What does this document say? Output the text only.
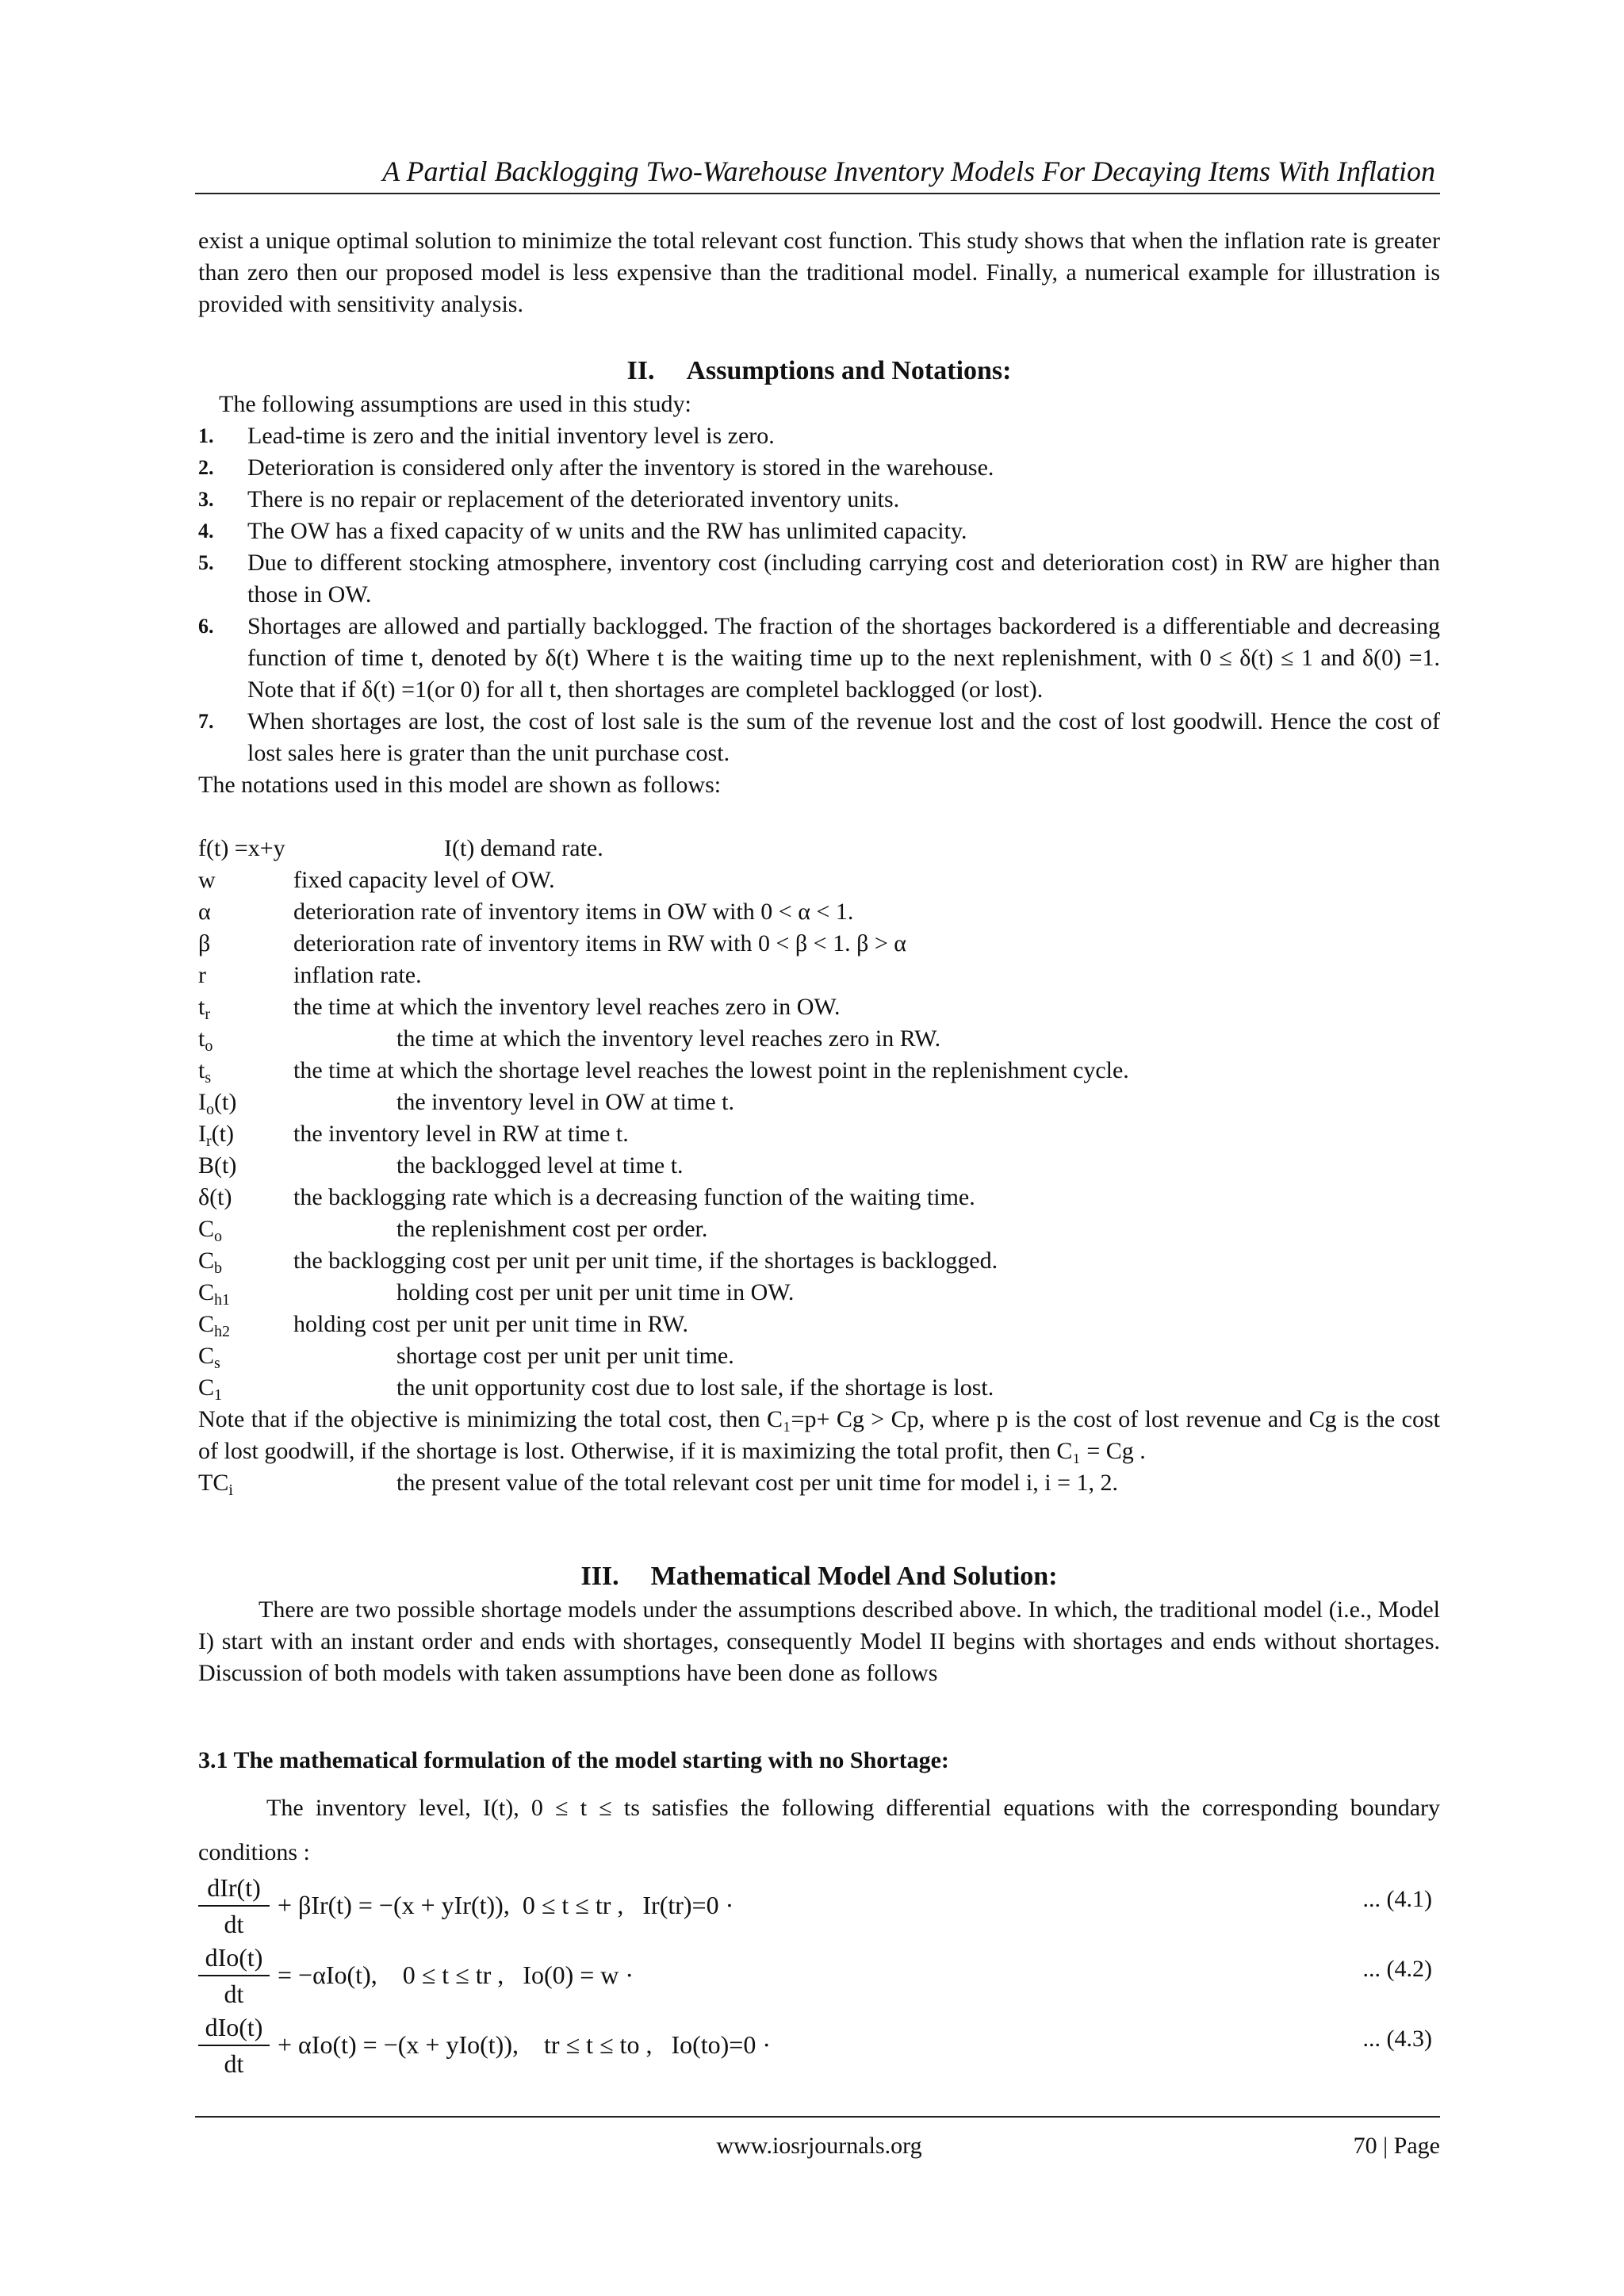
A Partial Backlogging Two-Warehouse Inventory Models For Decaying Items With Inflation

exist a unique optimal solution to minimize the total relevant cost function. This study shows that when the inflation rate is greater than zero then our proposed model is less expensive than the traditional model. Finally, a numerical example for illustration is provided with sensitivity analysis.

II. Assumptions and Notations:

The following assumptions are used in this study:

1. Lead-time is zero and the initial inventory level is zero.
2. Deterioration is considered only after the inventory is stored in the warehouse.
3. There is no repair or replacement of the deteriorated inventory units.
4. The OW has a fixed capacity of w units and the RW has unlimited capacity.
5. Due to different stocking atmosphere, inventory cost (including carrying cost and deterioration cost) in RW are higher than those in OW.
6. Shortages are allowed and partially backlogged. The fraction of the shortages backordered is a differentiable and decreasing function of time t, denoted by δ(t) Where t is the waiting time up to the next replenishment, with 0 ≤ δ(t) ≤ 1 and δ(0) =1. Note that if δ(t) =1(or 0) for all t, then shortages are completel backlogged (or lost).
7. When shortages are lost, the cost of lost sale is the sum of the revenue lost and the cost of lost goodwill. Hence the cost of lost sales here is grater than the unit purchase cost.

The notations used in this model are shown as follows:

f(t) =x+y	I(t) demand rate.
w	fixed capacity level of OW.
α	deterioration rate of inventory items in OW with 0 < α < 1.
β	deterioration rate of inventory items in RW with 0 < β < 1. β > α
r	inflation rate.
$t_r$	the time at which the inventory level reaches zero in OW.
$t_o$	the time at which the inventory level reaches zero in RW.
$t_s$	the time at which the shortage level reaches the lowest point in the replenishment cycle.
$I_o(t)$	the inventory level in OW at time t.
$I_r(t)$	the inventory level in RW at time t.
B(t)	the backlogged level at time t.
δ(t)	the backlogging rate which is a decreasing function of the waiting time.
$C_o$	the replenishment cost per order.
$C_b$	the backlogging cost per unit per unit time, if the shortages is backlogged.
$C_{h1}$	holding cost per unit per unit time in OW.
$C_{h2}$	holding cost per unit per unit time in RW.
$C_s$	shortage cost per unit per unit time.
$C_1$	the unit opportunity cost due to lost sale, if the shortage is lost.

Note that if the objective is minimizing the total cost, then C₁=p+ Cg > Cp, where p is the cost of lost revenue and Cg is the cost of lost goodwill, if the shortage is lost. Otherwise, if it is maximizing the total profit, then C₁ = Cg .

$TC_i$	the present value of the total relevant cost per unit time for model i, i = 1, 2.
III. Mathematical Model And Solution:

There are two possible shortage models under the assumptions described above. In which, the traditional model (i.e., Model I) start with an instant order and ends with shortages, consequently Model II begins with shortages and ends without shortages. Discussion of both models with taken assumptions have been done as follows

3.1 The mathematical formulation of the model starting with no Shortage:

The inventory level, I(t), 0 ≤ t ≤ ts satisfies the following differential equations with the corresponding boundary conditions :

dIr(t)
dt
+ βIr(t) = −(x + yIr(t)),  0 ≤ t ≤ tr ,   Ir(tr)=0 ·	... (4.1)
dIo(t)
dt
= −αIo(t),    0 ≤ t ≤ tr ,   Io(0) = w ·	... (4.2)
dIo(t)
dt
+ αIo(t) = −(x + yIo(t)),    tr ≤ t ≤ to ,   Io(to)=0 ·	... (4.3)
www.iosrjournals.org	70 | Page
